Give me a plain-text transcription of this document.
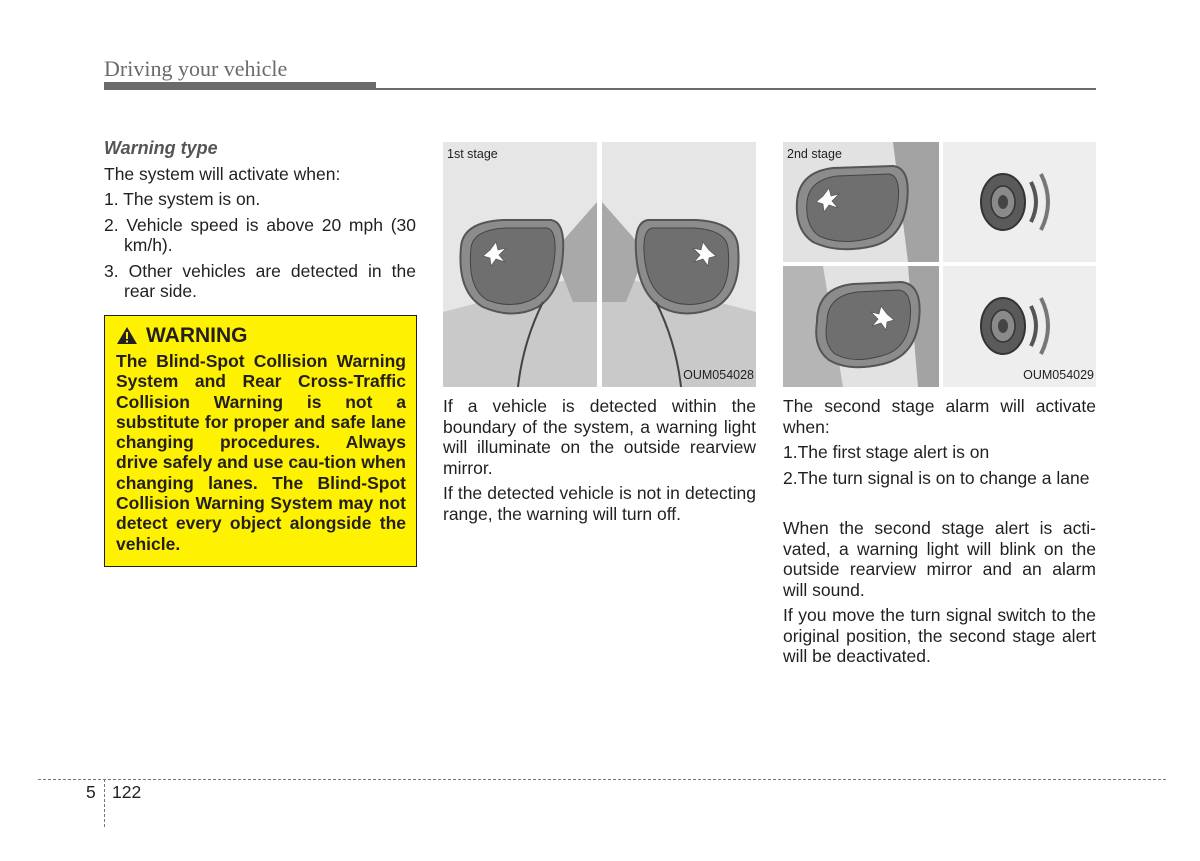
Driving your vehicle
Warning type
The system will activate when:
1. The system is on.
2. Vehicle speed is above 20 mph (30 km/h).
3. Other vehicles are detected in the rear side.
WARNING
The Blind-Spot Collision Warning System and Rear Cross-Traffic Collision Warning is not a substitute for proper and safe lane changing procedures. Always drive safely and use cau-tion when changing lanes. The Blind-Spot Collision Warning System may not detect every object alongside the vehicle.
1st stage
OUM054028
If a vehicle is detected within the boundary of the system, a warning light will illuminate on the outside rearview mirror.
If the detected vehicle is not in detecting range, the warning will turn off.
2nd stage
OUM054029
The second stage alarm will activate when:
1.The first stage alert is on
2.The turn signal is on to change a lane
When the second stage alert is acti-vated, a warning light will blink on the outside rearview mirror and an alarm will sound.
If you move the turn signal switch to the original position, the second stage alert will be deactivated.
5 122
